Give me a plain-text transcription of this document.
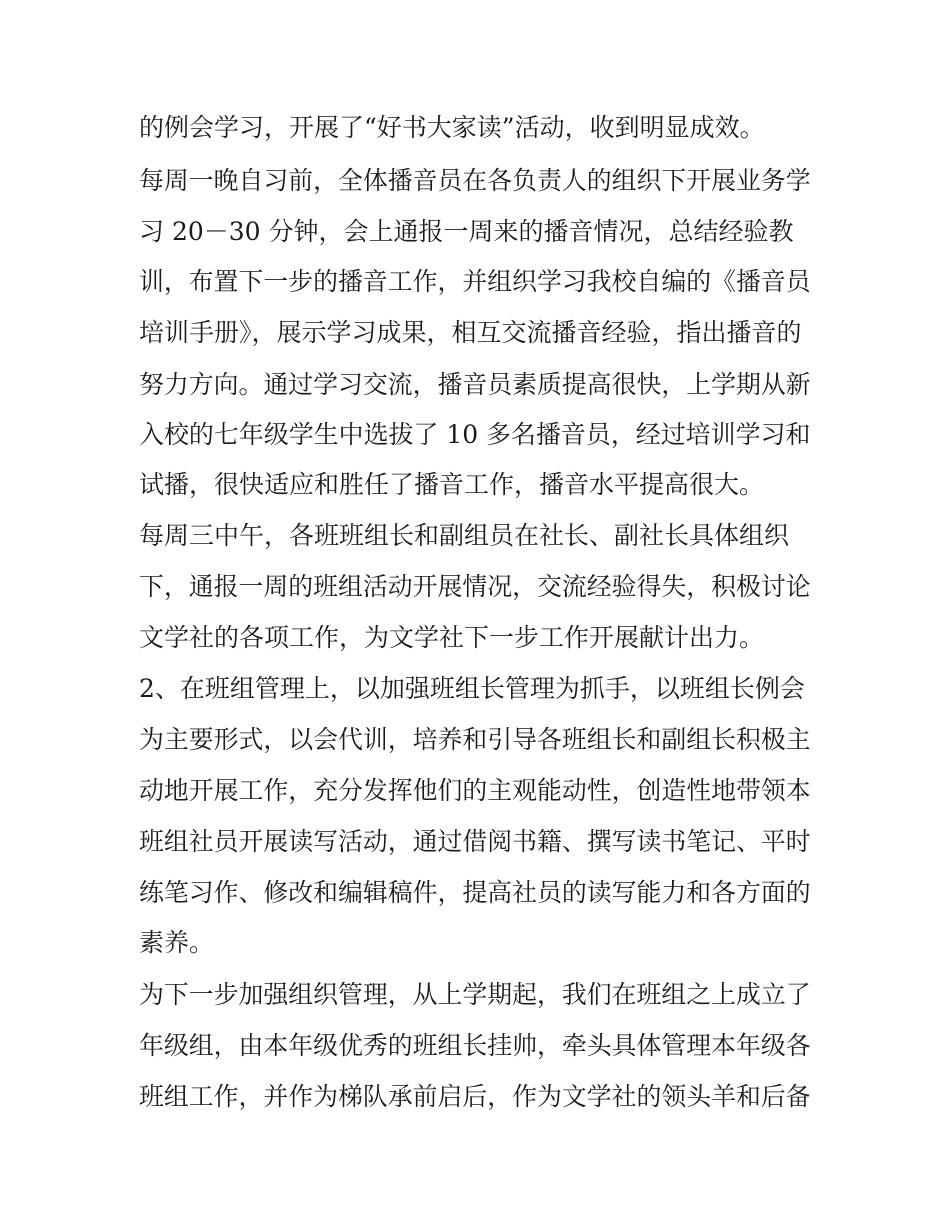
的例会学习，开展了“好书大家读”活动，收到明显成效。
每周一晚自习前，全体播音员在各负责人的组织下开展业务学
习 20－30 分钟，会上通报一周来的播音情况，总结经验教
训，布置下一步的播音工作，并组织学习我校自编的《播音员
培训手册》，展示学习成果，相互交流播音经验，指出播音的
努力方向。通过学习交流，播音员素质提高很快，上学期从新
入校的七年级学生中选拔了 10 多名播音员，经过培训学习和
试播，很快适应和胜任了播音工作，播音水平提高很大。
每周三中午，各班班组长和副组员在社长、副社长具体组织
下，通报一周的班组活动开展情况，交流经验得失，积极讨论
文学社的各项工作，为文学社下一步工作开展献计出力。
2、在班组管理上，以加强班组长管理为抓手，以班组长例会
为主要形式，以会代训，培养和引导各班组长和副组长积极主
动地开展工作，充分发挥他们的主观能动性，创造性地带领本
班组社员开展读写活动，通过借阅书籍、撰写读书笔记、平时
练笔习作、修改和编辑稿件，提高社员的读写能力和各方面的
素养。
为下一步加强组织管理，从上学期起，我们在班组之上成立了
年级组，由本年级优秀的班组长挂帅，牵头具体管理本年级各
班组工作，并作为梯队承前启后，作为文学社的领头羊和后备
